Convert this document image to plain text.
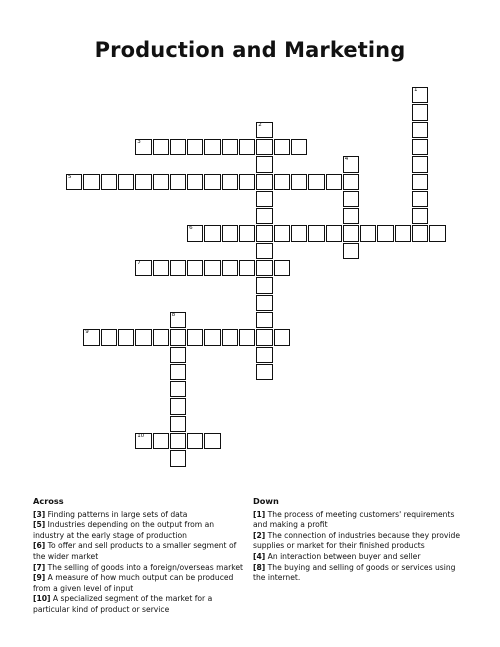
Production and Marketing
1
2
3
4
5
6
7
8
9
10
Across

[3] Finding patterns in large sets of data

[5] Industries depending on the output from an industry at the early stage of production

[6] To offer and sell products to a smaller segment of the wider market

[7] The selling of goods into a foreign/overseas market

[9] A measure of how much output can be produced from a given level of input

[10] A specialized segment of the market for a particular kind of product or service

Down

[1] The process of meeting customers' requirements and making a profit

[2] The connection of industries because they provide supplies or market for their finished products

[4] An interaction between buyer and seller

[8] The buying and selling of goods or services using the internet.
